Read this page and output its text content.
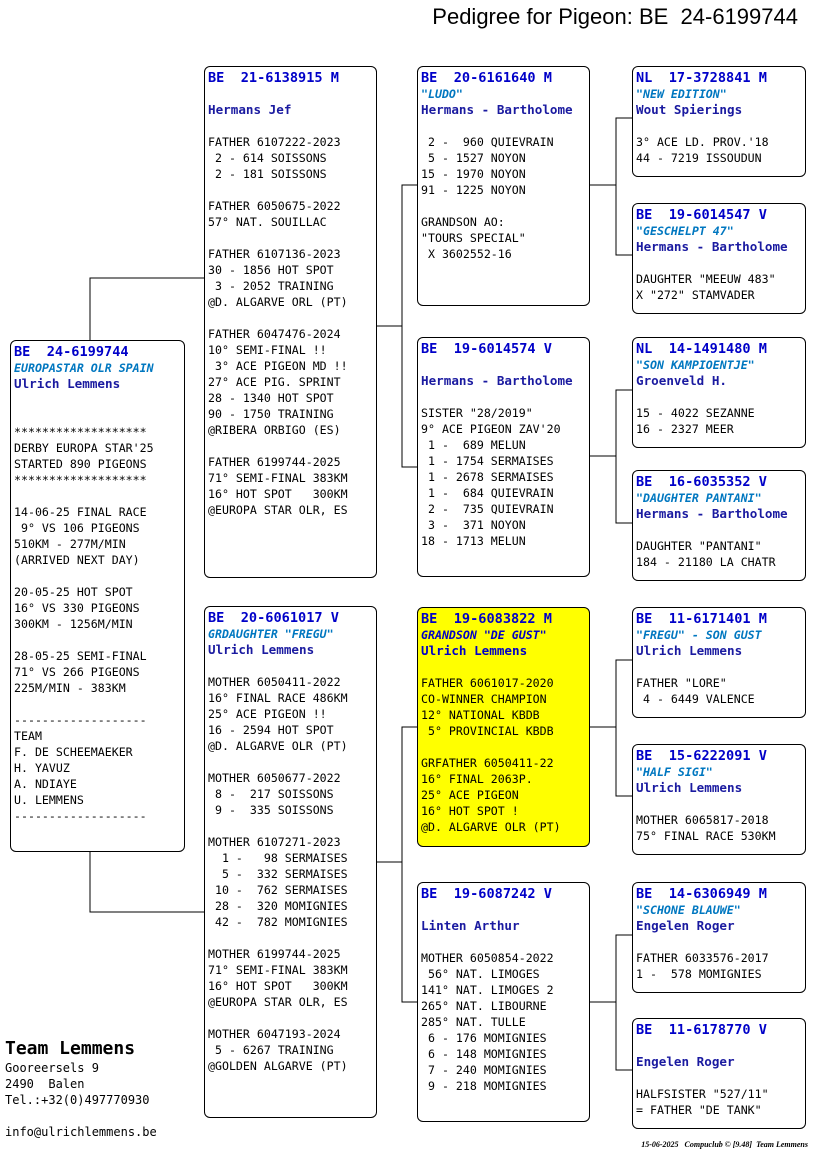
Pedigree for Pigeon: BE  24-6199744
BE  24-6199744
EUROPASTAR OLR SPAIN
Ulrich Lemmens
*******************
DERBY EUROPA STAR'25
STARTED 890 PIGEONS
*******************
14-06-25 FINAL RACE
9° VS 106 PIGEONS
510KM - 277M/MIN
(ARRIVED NEXT DAY)
20-05-25 HOT SPOT
16° VS 330 PIGEONS
300KM - 1256M/MIN
28-05-25 SEMI-FINAL
71° VS 266 PIGEONS
225M/MIN - 383KM
-------------------
TEAM
F. DE SCHEEMAEKER
H. YAVUZ
A. NDIAYE
U. LEMMENS
-------------------
BE  21-6138915 M
Hermans Jef
FATHER 6107222-2023
2 - 614 SOISSONS
2 - 181 SOISSONS
FATHER 6050675-2022
57° NAT. SOUILLAC
FATHER 6107136-2023
30 - 1856 HOT SPOT
3 - 2052 TRAINING
@D. ALGARVE ORL (PT)
FATHER 6047476-2024
10° SEMI-FINAL !!
3° ACE PIGEON MD !!
27° ACE PIG. SPRINT
28 - 1340 HOT SPOT
90 - 1750 TRAINING
@RIBERA ORBIGO (ES)
FATHER 6199744-2025
71° SEMI-FINAL 383KM
16° HOT SPOT   300KM
@EUROPA STAR OLR, ES
BE  20-6061017 V
GRDAUGHTER "FREGU"
Ulrich Lemmens
MOTHER 6050411-2022
16° FINAL RACE 486KM
25° ACE PIGEON !!
16 - 2594 HOT SPOT
@D. ALGARVE OLR (PT)
MOTHER 6050677-2022
8 -  217 SOISSONS
9 -  335 SOISSONS
MOTHER 6107271-2023
1 -   98 SERMAISES
5 -  332 SERMAISES
10 -  762 SERMAISES
28 -  320 MOMIGNIES
42 -  782 MOMIGNIES
MOTHER 6199744-2025
71° SEMI-FINAL 383KM
16° HOT SPOT   300KM
@EUROPA STAR OLR, ES
MOTHER 6047193-2024
5 - 6267 TRAINING
@GOLDEN ALGARVE (PT)
BE  20-6161640 M
"LUDO"
Hermans - Bartholome
2 -  960 QUIEVRAIN
5 - 1527 NOYON
15 - 1970 NOYON
91 - 1225 NOYON
GRANDSON AO:
"TOURS SPECIAL"
X 3602552-16
BE  19-6014574 V
Hermans - Bartholome
SISTER "28/2019"
9° ACE PIGEON ZAV'20
1 -  689 MELUN
1 - 1754 SERMAISES
1 - 2678 SERMAISES
1 -  684 QUIEVRAIN
2 -  735 QUIEVRAIN
3 -  371 NOYON
18 - 1713 MELUN
BE  19-6083822 M
GRANDSON "DE GUST"
Ulrich Lemmens
FATHER 6061017-2020
CO-WINNER CHAMPION
12° NATIONAL KBDB
5° PROVINCIAL KBDB
GRFATHER 6050411-22
16° FINAL 2063P.
25° ACE PIGEON
16° HOT SPOT !
@D. ALGARVE OLR (PT)
BE  19-6087242 V
Linten Arthur
MOTHER 6050854-2022
56° NAT. LIMOGES
141° NAT. LIMOGES 2
265° NAT. LIBOURNE
285° NAT. TULLE
6 - 176 MOMIGNIES
6 - 148 MOMIGNIES
7 - 240 MOMIGNIES
9 - 218 MOMIGNIES
NL  17-3728841 M
"NEW EDITION"
Wout Spierings
3° ACE LD. PROV.'18
44 - 7219 ISSOUDUN
BE  19-6014547 V
"GESCHELPT 47"
Hermans - Bartholome
DAUGHTER "MEEUW 483"
X "272" STAMVADER
NL  14-1491480 M
"SON KAMPIOENTJE"
Groenveld H.
15 - 4022 SEZANNE
16 - 2327 MEER
BE  16-6035352 V
"DAUGHTER PANTANI"
Hermans - Bartholome
DAUGHTER "PANTANI"
184 - 21180 LA CHATR
BE  11-6171401 M
"FREGU" - SON GUST
Ulrich Lemmens
FATHER "LORE"
4 - 6449 VALENCE
BE  15-6222091 V
"HALF SIGI"
Ulrich Lemmens
MOTHER 6065817-2018
75° FINAL RACE 530KM
BE  14-6306949 M
"SCHONE BLAUWE"
Engelen Roger
FATHER 6033576-2017
1 -  578 MOMIGNIES
BE  11-6178770 V
Engelen Roger
HALFSISTER "527/11"
= FATHER "DE TANK"
Team Lemmens
Gooreersels 9
2490  Balen
Tel.:+32(0)497770930
info@ulrichlemmens.be
15-06-2025   Compuclub © [9.48]  Team Lemmens
